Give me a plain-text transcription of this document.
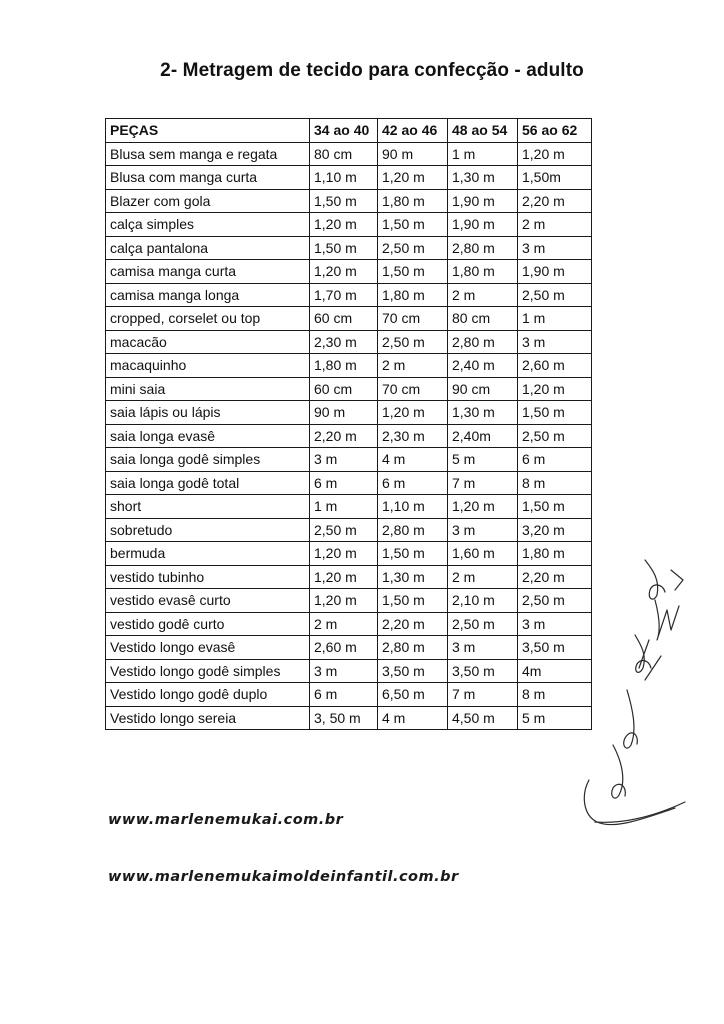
2- Metragem de tecido para confecção - adulto
PEÇAS	34 ao 40	42 ao 46	48 ao 54	56 ao 62
Blusa sem manga e regata	80 cm	90 m	1 m	1,20 m
Blusa com manga curta	1,10 m	1,20 m	1,30 m	1,50m
Blazer com gola	1,50 m	1,80 m	1,90 m	2,20 m
calça simples	1,20 m	1,50 m	1,90 m	2 m
calça pantalona	1,50 m	2,50 m	2,80 m	3 m
camisa manga curta	1,20 m	1,50 m	1,80 m	1,90 m
camisa manga longa	1,70 m	1,80 m	2 m	2,50 m
cropped, corselet ou top	60 cm	70 cm	80 cm	1 m
macacão	2,30 m	2,50 m	2,80 m	3 m
macaquinho	1,80 m	2 m	2,40 m	2,60 m
mini saia	60 cm	70 cm	90 cm	1,20 m
saia lápis ou lápis	90 m	1,20 m	1,30 m	1,50 m
saia longa evasê	2,20 m	2,30 m	2,40m	2,50 m
saia longa godê simples	3 m	4 m	5 m	6 m
saia longa godê total	6 m	6 m	7 m	8 m
short	1 m	1,10 m	1,20 m	1,50 m
sobretudo	2,50 m	2,80 m	3 m	3,20 m
bermuda	1,20 m	1,50 m	1,60 m	1,80 m
vestido tubinho	1,20 m	1,30 m	2 m	2,20 m
vestido evasê curto	1,20 m	1,50 m	2,10 m	2,50 m
vestido godê curto	2 m	2,20 m	2,50 m	3 m
Vestido longo evasê	2,60 m	2,80 m	3 m	3,50 m
Vestido longo godê simples	3 m	3,50 m	3,50 m	4m
Vestido longo godê duplo	6 m	6,50 m	7 m	8 m
Vestido longo sereia	3, 50 m	4 m	4,50 m	5 m
www.marlenemukai.com.br
www.marlenemukaimoldeinfantil.com.br
